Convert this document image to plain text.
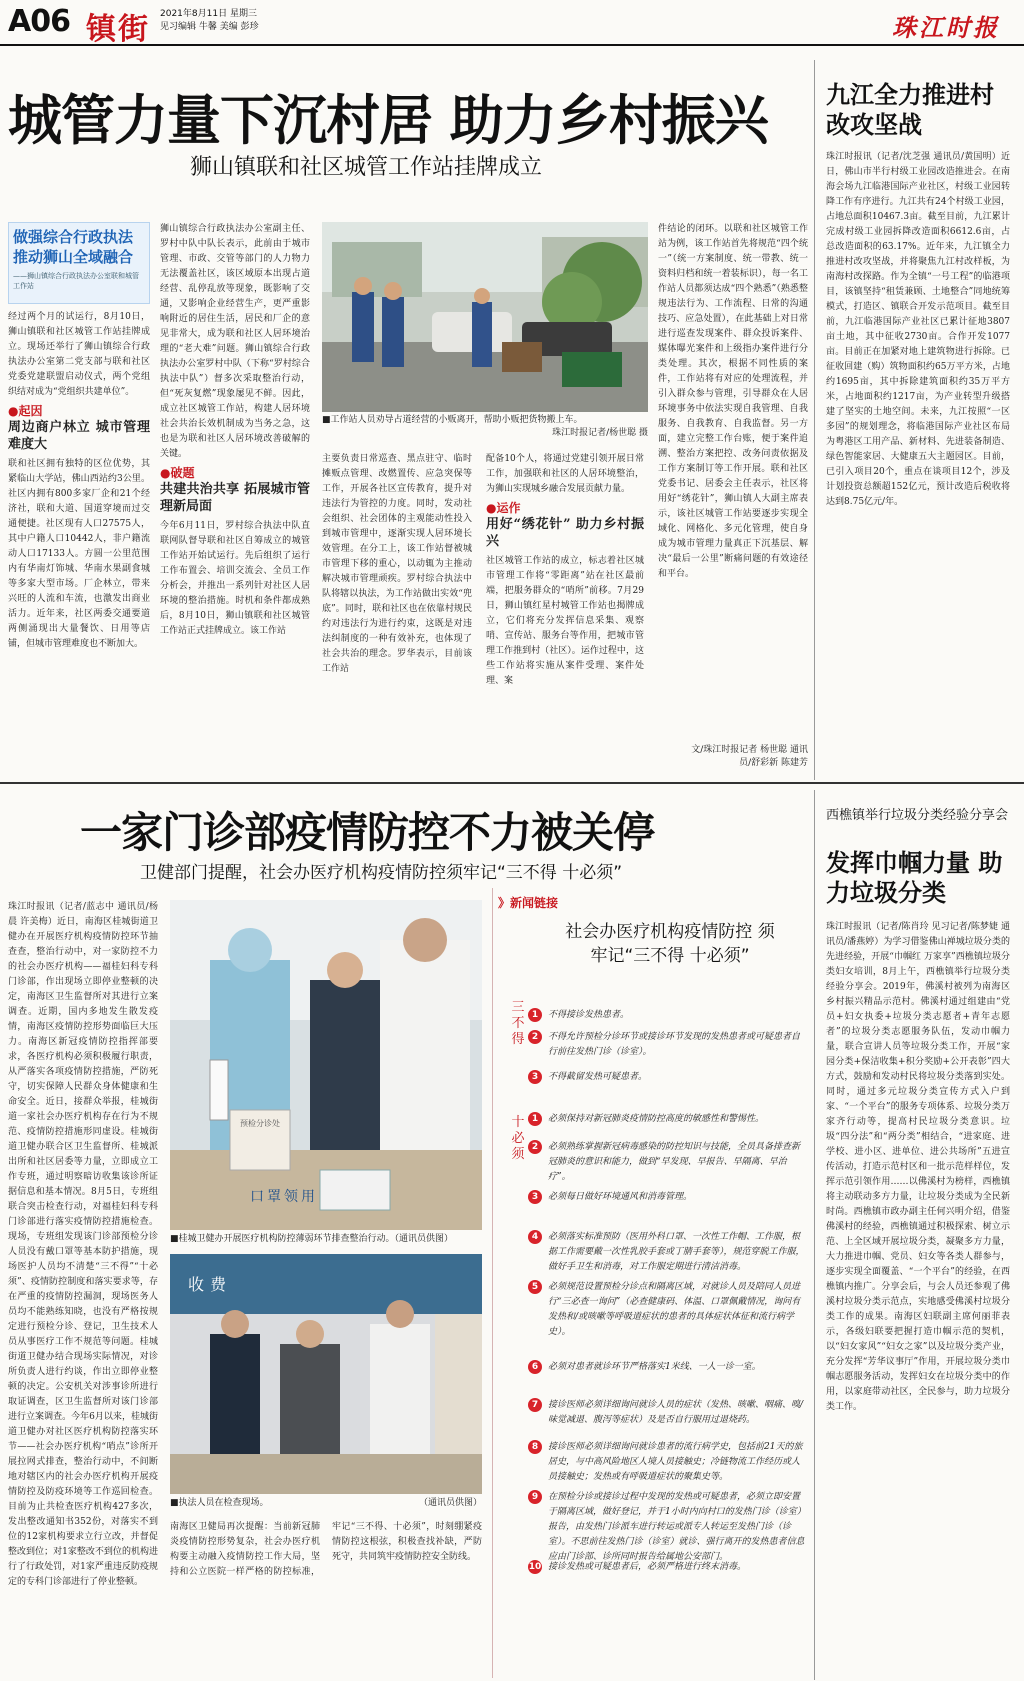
A06 镇街 2021年8月11日 星期三
见习编辑 牛馨 美编 彭珍	珠江时报
城管力量下沉村居 助力乡村振兴
狮山镇联和社区城管工作站挂牌成立
做强综合行政执法 推动狮山全域融合
——狮山镇综合行政执法办公室联和城管工作站
经过两个月的试运行，8月10日，狮山镇联和社区城管工作站挂牌成立。现场还举行了狮山镇综合行政执法办公室第二党支部与联和社区党委党建联盟启动仪式，两个党组织结对成为“党组织共建单位”。
●起因
周边商户林立 城市管理难度大
联和社区拥有独特的区位优势，其紧临山大学站，佛山西站约3公里。社区内拥有800多家厂企和21个经济社，联和大道、国道穿境而过交通便捷。社区现有人口27575人，其中户籍人口10442人，非户籍流动人口17133人。方圆一公里范围内有华南灯饰城、华南水果副食城等多家大型市场。厂企林立，带来兴旺的人流和车流，也激发出商业活力。近年来，社区两委交通要道两侧涌现出大量餐饮、日用等店铺，但城市管理难度也不断加大。
狮山镇综合行政执法办公室副主任、罗村中队中队长表示，此前由于城市管理、市政、交管等部门的人力物力无法覆盖社区，该区域原本出现占道经营、乱停乱放等现象，既影响了交通，又影响企业经营生产，更严重影响附近的居住生活，居民和厂企的意见非常大，成为联和社区人居环境治理的“老大难”问题。狮山镇综合行政执法办公室罗村中队（下称“罗村综合执法中队”）督多次采取整治行动，但“死灰复燃”现象屡见不鲜。因此，成立社区城管工作站，构建人居环境社会共治长效机制成为当务之急，这也是为联和社区人居环境改善破解的关键。
●破题
共建共治共享 拓展城市管理新局面
今年6月11日，罗村综合执法中队直联网队督导联和社区自筹成立的城管工作站开始试运行。先后组织了运行工作布置会、培训交流会、全员工作分析会，并推出一系列针对社区人居环境的整治措施。时机和条件都成熟后，8月10日，狮山镇联和社区城管工作站正式挂牌成立。该工作站
■工作站人员劝导占道经营的小贩离开，帮助小贩把货物搬上车。
珠江时报记者/杨世聪 摄
主要负责日常巡查、黑点驻守、临时摊贩点管理、改燃置传、应急突保等工作，开展各社区宣传教育，提升对违法行为管控的力度。同时，发动社会组织、社会团体的主观能动性投入到城市管理中，逐渐实现人居环境长效管理。在分工上，该工作站督被城市管理下移的重心，以动辄为主推动解决城市管理顽疾。罗村综合执法中队将辖以执法，为工作站做出实效“兜底”。同时，联和社区也在依靠村规民约对违法行为进行约束，这既是对违法纠制度的一种有效补充，也体现了社会共治的理念。罗华表示，目前该工作站
配备10个人，将通过党建引领开展日常工作，加强联和社区的人居环境整治，为狮山实现城乡融合发展贡献力量。
●运作
用好“绣花针” 助力乡村振兴
社区城管工作站的成立，标志着社区城市管理工作将“零距离”站在社区最前端，把服务群众的“哨所”前移。7月29日，狮山镇红星村城管工作站也揭牌成立，它们将充分发挥信息采集、观察哨、宣传站、服务台等作用，把城市管理工作推到村（社区）。运作过程中，这些工作站将实施从案件受理、案件处理、案
件结论的闭环。以联和社区城管工作站为例，该工作站首先将规范“四个统一”（统一方案制度、统一带教、统一资料归档和统一着装标识），每一名工作站人员都须达成“四个熟悉”（熟悉整规违法行为、工作流程、日常的沟通技巧、应急处置），在此基础上对日常进行巡查发现案件、群众投诉案件、媒体曝光案件和上级指办案件进行分类处理。其次，根据不同性质的案件，工作站将有对应的处理流程，并引入群众参与管理，引导群众在人居环境事务中依法实现自我管理、自我服务、自我教育、自我监督。另一方面，建立完整工作台账，便于案件追溯、整治方案把控、改务问责依据及工作方案制订等工作开展。联和社区党委书记、居委会主任表示，社区将用好“绣花针”，狮山镇人大副主席表示，该社区城管工作站要逐步实现全域化、网格化、多元化管理，使自身成为城市管理力量真正下沉基层、解决“最后一公里”断痛问题的有效途径和平台。
文/珠江时报记者 杨世聪 通讯员/舒彩新 陈建芳
九江全力推进村改攻坚战
珠江时报讯（记者/沈芝强 通讯员/黄国明）近日，佛山市半行村级工业园改造推进会。在南海会场九江临港国际产业社区，村级工业园转降工作有序进行。九江共有24个村级工业园，占地总面积10467.3亩。截至目前，九江累计完成村级工业园拆降改造面积6612.6亩，占总改造面积的63.17%。近年来，九江镇全力推进村改攻坚战，并将聚焦九江村改样板，为南海村改探路。作为全镇“一号工程”的临港项目，该镇坚持“租赁兼顾、土地整合”同地统筹模式，打造区、镇联合开发示范项目。截至目前，九江临港国际产业社区已累计征地3807亩土地，其中征收2730亩。合作开发1077亩。目前正在加紧对地上建筑物进行拆除。已征收回建（购）筑物面积约65万平方米，占地约1695亩，其中拆除建筑面积约35万平方米，占地面积约1217亩，为产业转型升级搭建了坚实的土地空间。未来，九江按照“一区多园”的规划理念，将临港国际产业社区布局为粤港区工用产品、新材料、先进装备制造、绿色智能家居、大健康五大主题园区。目前，已引入项目20个，重点在谈项目12个，涉及计划投资总额超152亿元，预计改造后税收将达到8.75亿元/年。
一家门诊部疫情防控不力被关停
卫健部门提醒，社会办医疗机构疫情防控须牢记“三不得 十必须”
珠江时报讯（记者/蓝志中 通讯员/杨晨 许美梅）近日，南海区桂城街道卫健办在开展医疗机构疫情防控环节抽查查，整治行动中，对一家防控不力的社会办医疗机构——福桂妇科专科门诊部，作出现场立即停业整顿的决定，南海区卫生监督所对其进行立案调查。近期，国内多地发生散发疫情，南海区疫情防控形势面临巨大压力。南海区新冠疫情防控指挥部要求，各医疗机构必须积极履行职责，从严落实各项疫情防控措施，严防死守，切实保障人民群众身体健康和生命安全。近日，接群众举报，桂城街道一家社会办医疗机构存在行为不规范、疫情防控措施形同虚设。桂城街道卫健办联合区卫生监督所、桂城派出所和社区居委等力量，立即成立工作专班，通过明察暗访收集该诊所证据信息和基本情况。8月5日，专班组联合突击检查行动，对福桂妇科专科门诊部进行落实疫情防控措施检查。现场，专班组发现该门诊部预检分诊人员没有戴口罩等基本防护措施，现场医护人员均不清楚“三不得”“十必须”、疫情防控制度和落实要求等，存在严重的疫情防控漏洞，现场医务人员均不能熟练知晓，也没有严格按规定进行预检分诊、登记，卫生技术人员从事医疗工作不规范等问题。桂城街道卫健办结合现场实际情况，对诊所负责人进行约谈，作出立即停业整顿的决定。公安机关对涉事诊所进行取证调查，区卫生监督所对该门诊部进行立案调查。今年6月以来，桂城街道卫健办对社区医疗机构防控落实环节——社会办医疗机构“哨点”诊所开展拉网式排查，整治行动中，不间断地对辖区内的社会办医疗机构开展疫情防控及防疫环境等工作巡回检查。目前为止共检查医疗机构427多次，发出整改通知书352份，对落实不到位的12家机构要求立行立改，并督促整改到位；对1家整改不到位的机构进行了行政处罚，对1家严重违反防疫规定的专科门诊部进行了停业整顿。
预检分诊处
口罩领用
■桂城卫健办开展医疗机构防控薄弱环节排查整治行动。（通讯员供图）
收费
■执法人员在检查现场。	（通讯员供图）
南海区卫健局再次提醒：当前新冠肺炎疫情防控形势复杂，社会办医疗机构要主动融入疫情防控工作大局，坚持和公立医院一样严格的防控标准，牢记“三不得、十必须”，时刻绷紧疫情防控这根弦，积极查找补缺，严防死守，共同筑牢疫情防控安全防线。
》新闻链接
社会办医疗机构疫情防控 须牢记“三不得 十必须”
三不得
十必须
1	不得接诊发热患者。
2	不得允许预检分诊环节或接诊环节发现的发热患者或可疑患者自行前往发热门诊（诊室）。
3	不得截留发热可疑患者。
1	必须保持对新冠肺炎疫情防控高度的敏感性和警惕性。
2	必须熟练掌握新冠病毒感染的防控知识与技能，全员具备排查新冠肺炎的意识和能力，做到“早发现、早报告、早隔离、早治疗”。
3	必须每日做好环境通风和消毒管理。
4	必须落实标准预防（医用外科口罩、一次性工作帽、工作服，根据工作需要戴一次性乳胶手套或丁腈手套等），规范穿脱工作服，做好手卫生和消毒，对工作服定期进行清洁消毒。
5	必须规范设置预检分诊点和隔离区域，对就诊人员及陪同人员进行“三必查一询问”（必查健康码、体温、口罩佩戴情况，询问有发热和/或咳嗽等呼吸道症状的患者的具体症状体征和流行病学史）。
6	必须对患者就诊环节严格落实1米线、一人一诊一室。
7	接诊医师必须详细询问就诊人员的症状（发热、咳嗽、咽痛、嗅/味觉减退、腹泻等症状）及是否自行服用过退烧药。
8	接诊医师必须详细询问就诊患者的流行病学史，包括前21天的旅居史，与中高风险地区人境人员接触史；冷链物流工作经历或人员接触史；发热或有呼吸道症状的聚集史等。
9	在预检分诊或接诊过程中发现的发热或可疑患者，必须立即安置于隔离区域，做好登记，并于1小时内向村口的发热门诊（诊室）报告，由发热门诊派车进行转运或派专人转运至发热门诊（诊室）。不思前往发热门诊（诊室）就诊、强行离开的发热患者信息应由门诊部、诊所同时报告给属地公安部门。
10 接诊发热或可疑患者后，必须严格进行终末消毒。
西樵镇举行垃圾分类经验分享会
发挥巾帼力量 助力垃圾分类
珠江时报讯（记者/陈肖玲 见习记者/陈梦婕 通讯员/潘燕婷）为学习借鉴佛山禅城垃圾分类的先进经验，开展“巾帼红 万家享”西樵镇垃圾分类妇女培训，8月上午，西樵镇举行垃圾分类经验分享会。2019年，佛溪村被列为南海区乡村振兴精品示范村。佛溪村通过组建由“党员+妇女执委+垃圾分类志愿者+青年志愿者”的垃圾分类志愿服务队伍，发动巾帼力量，联合宣讲人员等垃圾分类工作，开展“家园分类+保洁收集+积分奖励+公开表彰”四大方式，鼓励和发动村民将垃圾分类落到实处。同时，通过多元垃圾分类宣传方式入户到家、“一个平台”的服务专项体系、垃圾分类万家齐行动等，提高村民垃圾分类意识。垃圾“四分法”和“两分类”相结合，“进家庭、进学校、进小区、进单位、进公共场所”五进宣传活动，打造示范村区和一批示范样样位，发挥示范引领作用……以佛溪村为榜样，西樵镇将主动联动多方力量，让垃圾分类成为全民新时尚。西樵镇市政办副主任何兴明介绍，借鉴佛溪村的经验，西樵镇通过积极探索、树立示范、上全区域开展垃圾分类，凝聚多方力量，大力推进巾帼、党员、妇女等各类人群参与，逐步实现全面覆盖、“一个平台”的经验，在西樵镇内推广。分享会后，与会人员还参观了佛溪村垃圾分类示范点，实地感受佛溪村垃圾分类工作的成果。南海区妇联副主席何丽菲表示，各级妇联要把握打造巾帼示范的契机，以“妇女家风”“妇女之家”以及垃圾分类产业，充分发挥“芳华议事厅”作用，开展垃圾分类巾帼志愿服务活动，发挥妇女在垃圾分类中的作用，以家庭带动社区，全民参与，助力垃圾分类工作。
